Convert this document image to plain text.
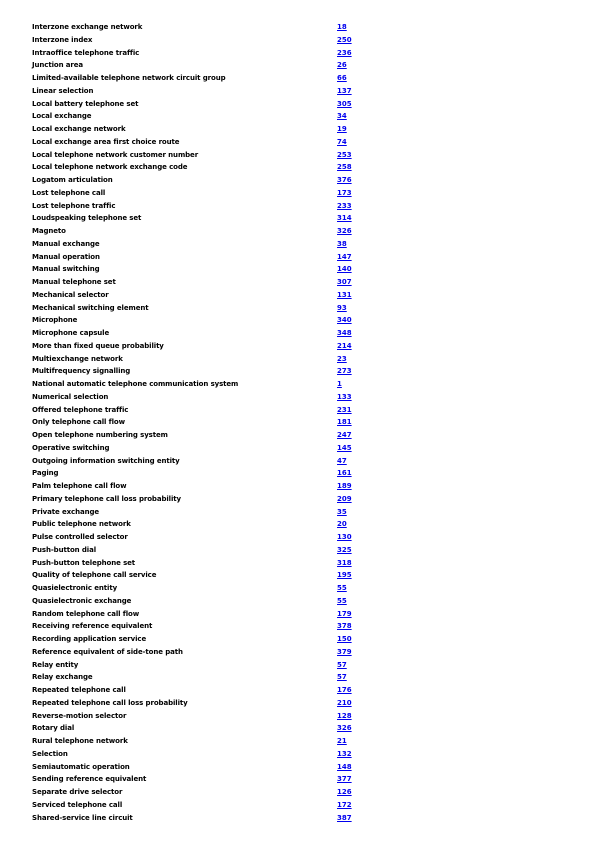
Interzone exchange network	18
Interzone index	250
Intraoffice telephone traffic	236
Junction area	26
Limited-available telephone network circuit group	66
Linear selection	137
Local battery telephone set	305
Local exchange	34
Local exchange network	19
Local exchange area first choice route	74
Local telephone network customer number	253
Local telephone network exchange code	258
Logatom articulation	376
Lost telephone call	173
Lost telephone traffic	233
Loudspeaking telephone set	314
Magneto	326
Manual exchange	38
Manual operation	147
Manual switching	140
Manual telephone set	307
Mechanical selector	131
Mechanical switching element	93
Microphone	340
Microphone capsule	348
More than fixed queue probability	214
Multiexchange network	23
Multifrequency signalling	273
National automatic telephone communication system	1
Numerical selection	133
Offered telephone traffic	231
Only telephone call flow	181
Open telephone numbering system	247
Operative switching	145
Outgoing information switching entity	47
Paging	161
Palm telephone call flow	189
Primary telephone call loss probability	209
Private exchange	35
Public telephone network	20
Pulse controlled selector	130
Push-button dial	325
Push-button telephone set	318
Quality of telephone call service	195
Quasielectronic entity	55
Quasielectronic exchange	55
Random telephone call flow	179
Receiving reference equivalent	378
Recording application service	150
Reference equivalent of side-tone path	379
Relay entity	57
Relay exchange	57
Repeated telephone call	176
Repeated telephone call loss probability	210
Reverse-motion selector	128
Rotary dial	326
Rural telephone network	21
Selection	132
Semiautomatic operation	148
Sending reference equivalent	377
Separate drive selector	126
Serviced telephone call	172
Shared-service line circuit	387
